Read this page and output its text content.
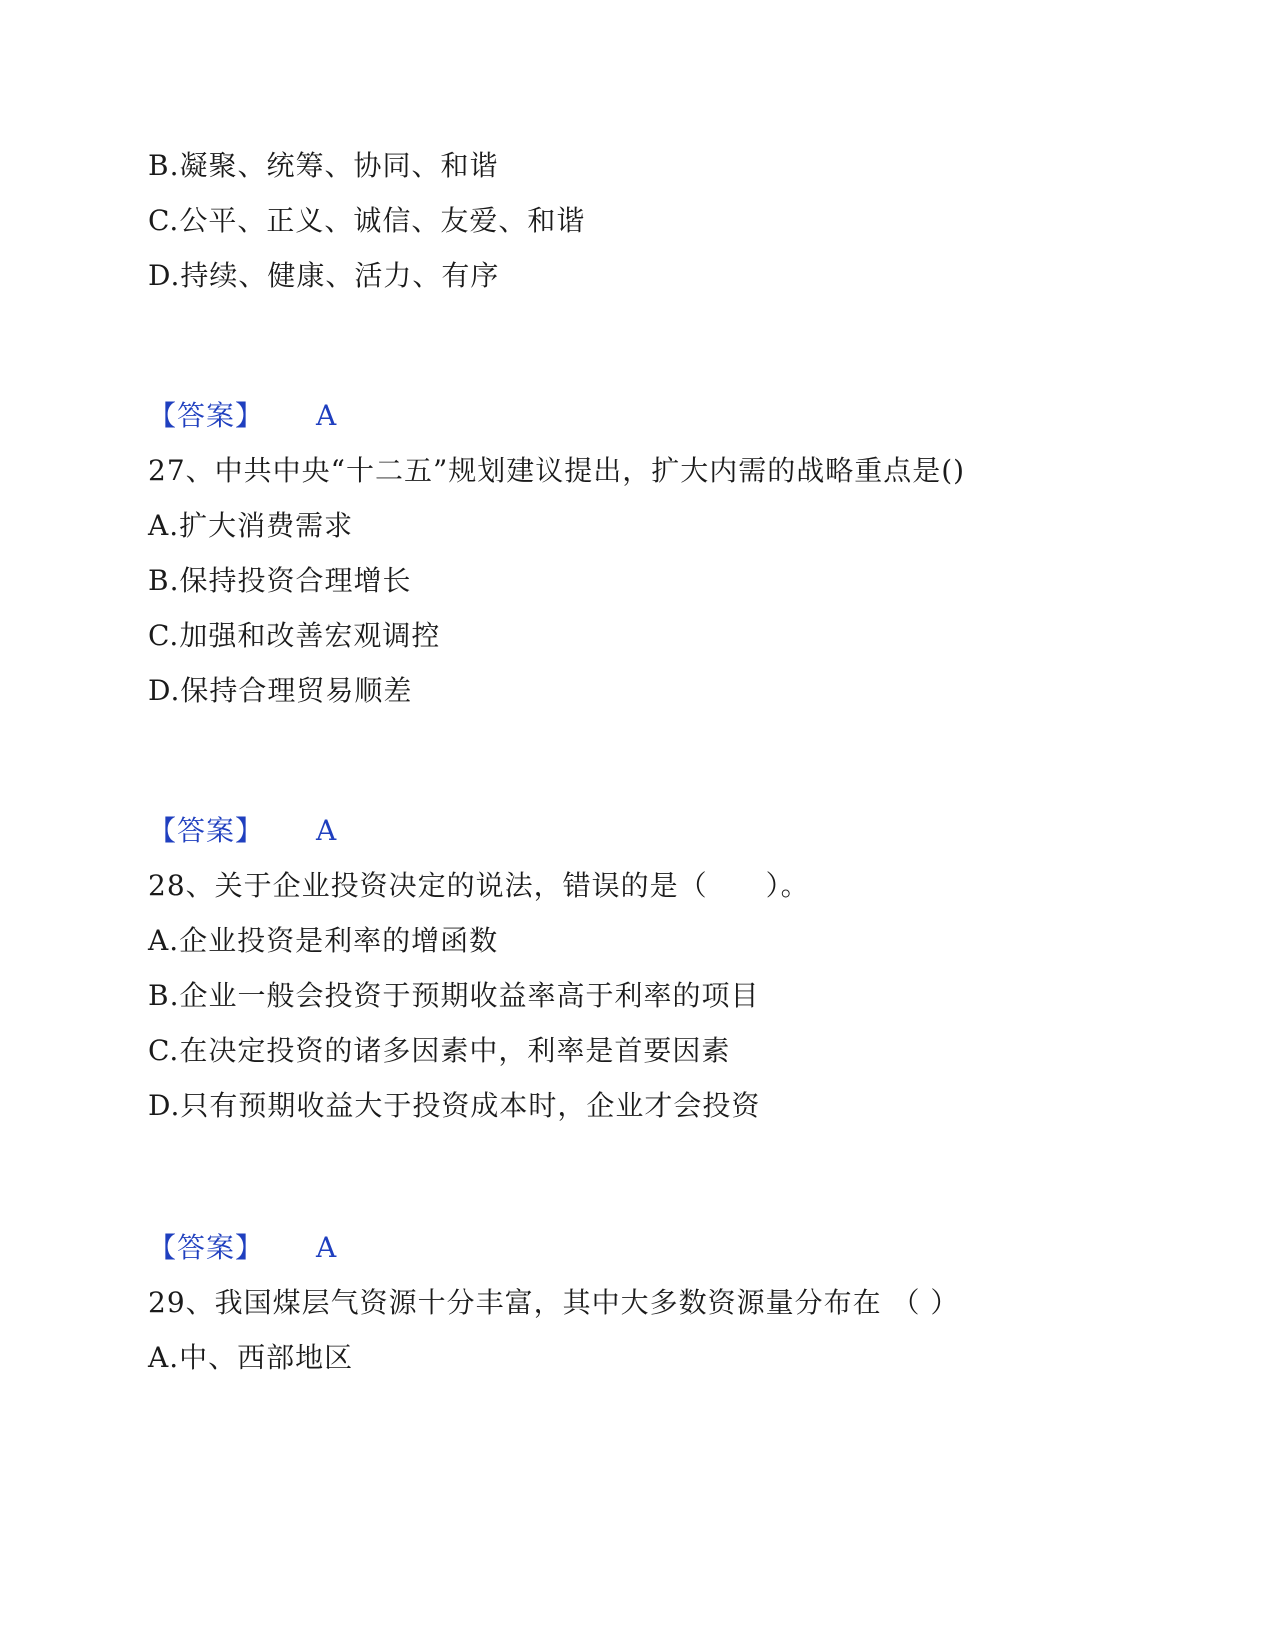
B.凝聚、统筹、协同、和谐
C.公平、正义、诚信、友爱、和谐
D.持续、健康、活力、有序
【答案】 A
27、中共中央“十二五”规划建议提出，扩大内需的战略重点是()
A.扩大消费需求
B.保持投资合理增长
C.加强和改善宏观调控
D.保持合理贸易顺差
【答案】 A
28、关于企业投资决定的说法，错误的是（　　）。
A.企业投资是利率的增函数
B.企业一般会投资于预期收益率高于利率的项目
C.在决定投资的诸多因素中，利率是首要因素
D.只有预期收益大于投资成本时，企业才会投资
【答案】 A
29、我国煤层气资源十分丰富，其中大多数资源量分布在 （ ）
A.中、西部地区
